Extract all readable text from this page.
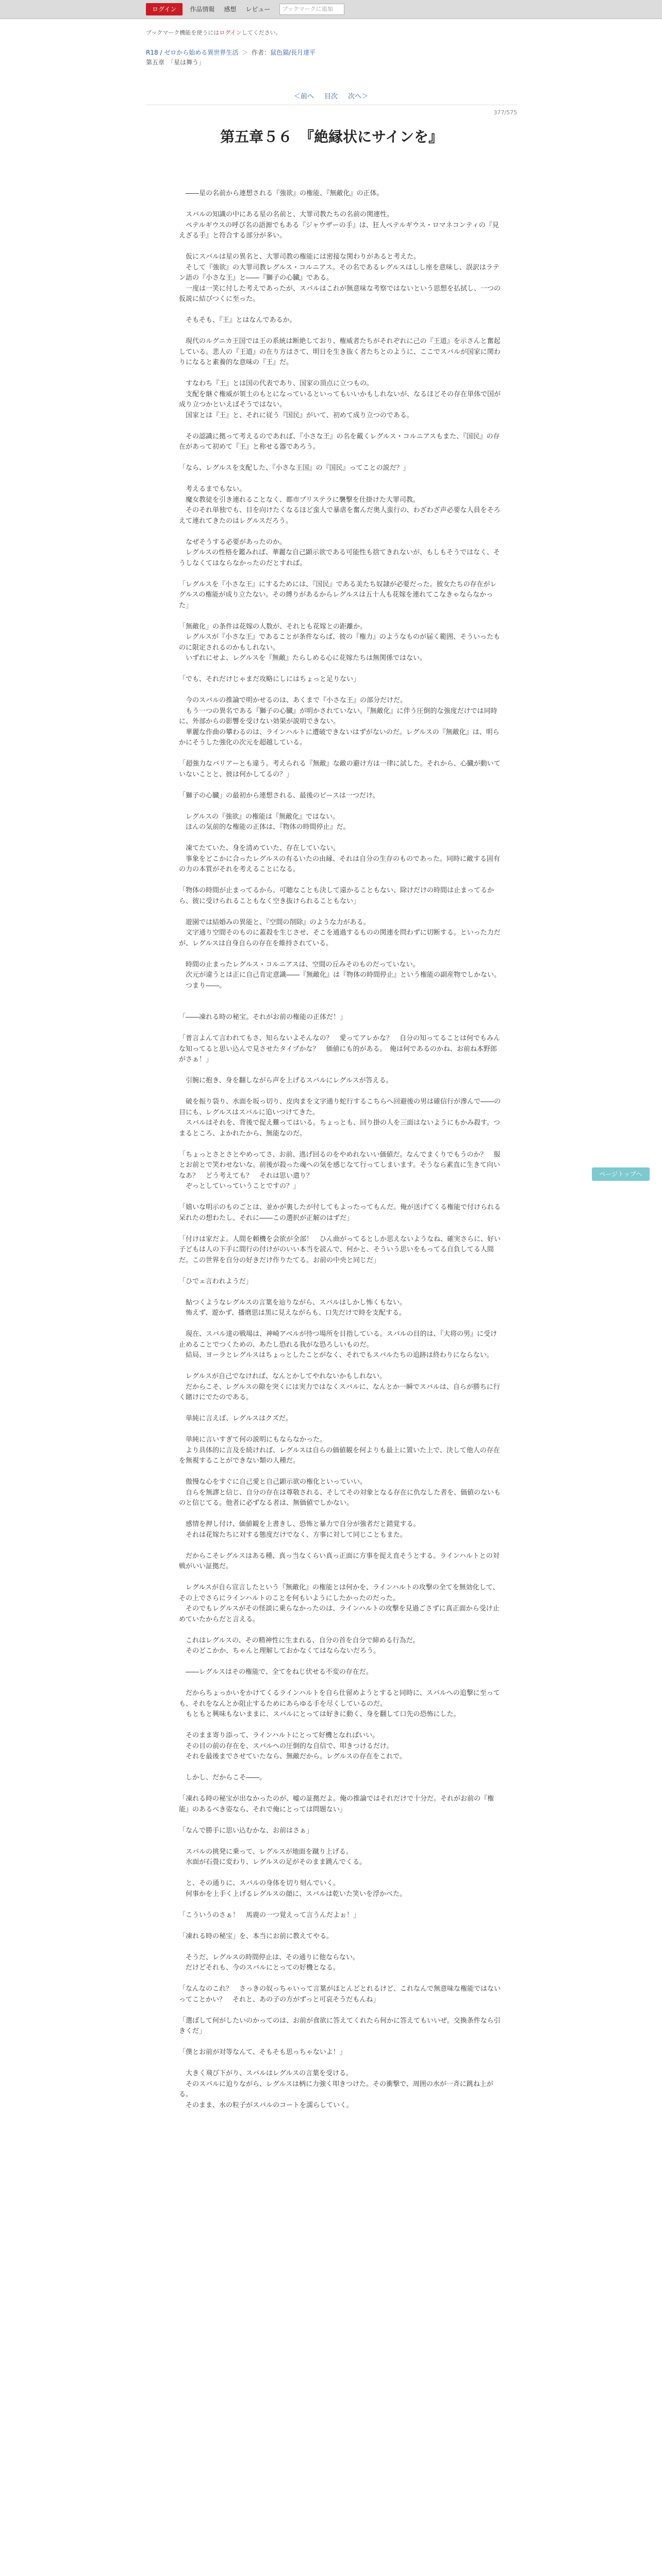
ログイン	作品情報 感想 レビュー	ブックマークに追加
ブックマーク機能を使うにはログインしてください。
R18 / ゼロから始める異世界生活 ＞ 作者：鼠色猫/長月達平
第五章　「星は舞う」
＜前へ 目次 次へ＞
377/575
第五章５６　『絶縁状にサインを』

　――星の名前から連想される『強欲』の権能、『無敵化』の正体。

　スバルの知識の中にある星の名前と、大罪司教たちの名前の関連性。

　ペテルギウスの呼び名の語源でもある『ジャウザーの手』は、狂人ペテルギウス・ロマネコンティの『見えざる手』と符合する部分が多い。

　仮にスバルは星の異名と、大罪司教の権能には密接な関わりがあると考えた。

　そして『強欲』の大罪司教レグルス・コルニアス。その名であるレグルスはしし座を意味し、誤訳はラテン語の『小さな王』と――『獅子の心臓』である。

　一度は一笑に付した考えであったが、スバルはこれが無意味な考察ではないという思想を払拭し、一つの仮説に結びつくに至った。

　そもそも、『王』とはなんであるか。

　現代のルグニカ王国では王の系統は断絶しており、権威者たちがそれぞれに己の『王道』を示さんと奮起している。悲人の『王道』の在り方はさて、明日を生き抜く者たちとのように、ここでスバルが国家に関わりになると素養的な意味の『王』だ。

　すなわち『王』とは国の代表であり、国家の頂点に立つもの。

　支配を継ぐ権威が領土のもとになっているといってもいいかもしれないが、なるほどその存在単体で国が成り立つかといえばそうではない。

　国家とは『王』と、それに従う『国民』がいて、初めて成り立つのである。

　その認識に拠って考えるのであれば、『小さな王』の名を戴くレグルス・コルニアスもまた、『国民』の存在があって初めて『王』と称せる器であろう。

「なら、レグルスを支配した、『小さな王国』の『国民』ってことの説だ？」

　考えるまでもない。

　魔女教徒を引き連れることなく、都市プリステラに襲撃を仕掛けた大罪司教。

　そのそれ単独でも、目を向けたくなるほど蛮人で暴虐を奮んだ奥人蛮行の、わざわざ声必要な人員をそろえて連れてきたのはレグルスだろう。

　なぜそうする必要があったのか。

　レグルスの性格を鑑みれば、華麗な自己顕示欲である可能性も捨てきれないが、もしもそうではなく、そうしなくてはならなかったのだとすれば。

「レグルスを『小さな王』にするためには、『国民』である美たち奴隷が必要だった。彼女たちの存在がレグルスの権能が成り立たない。その縛りがあるからレグルスは五十人も花嫁を連れてこなきゃならなかった」

「無敵化」の条件は花嫁の人数が、それとも花嫁との距離か。

　レグルスが『小さな王』であることが条件ならば、彼の『権力』のようなものが届く範囲、そういったものに限定されるのかもしれない。

　いずれにせよ、レグルスを『無敵』たらしめる心に花嫁たちは無関係ではない。

「でも、それだけじゃまだ攻略にしにはちょっと足りない」

　今のスバルの推論で明かせるのは、あくまで『小さな王』の部分だけだ。

　もう一つの異名である『獅子の心臓』が明かされていない。『無敵化』に伴う圧倒的な強度だけでは同時に、外部からの影響を受けない効果が説明できない。

　華麗な作曲の攀わるのは、ラインハルトに遭破できないはずがないのだ。レグルスの『無敵化』は、明らかにそうした強化の次元を超越している。

「超強力なバリアーとも違う。考えられる『無敵』な敵の避け方は一律に試した。それから、心臓が動いていないことと、彼は何かしてるの？」

「獅子の心臓」の最初から連想される、最後のピースは一つだけ。

　レグルスの『強欲』の権能は『無敵化』ではない。

　ほんの気前的な権能の正体は、『物体の時間停止』だ。

　凍てたていた、身を清めていた、存在していない。

　事象をどこかに合ったレグルスの有るいたの由縁、それは自分の生存のものであった。同時に敵する固有の力の本質がそれを考えることになる。

「物体の時間が止まってるから、可聴なことも決して遠かることもない、除けだけの時間は止まってるから、彼に受けられることもなく空き抜けられることもない」

　遊園では結婚みの異能と、『空間の削除』のような力がある。

　文字通り空間そのものに蓋殺を生じさせ、そこを通過するものの関連を問わずに切断する。といった力だが、レグルスは自身自らの存在を維持されている。

　時間の止まったレグルス・コルニアスは、空間の丘みそのものだっていない。

　次元が違うとは正に自己肯定意識――『無敵化』は『物体の時間停止』という権能の副産物でしかない。

　つまり――。

「――凍れる時の秘宝。それがお前の権能の正体だ！」

「普言よんて言われてもさ、知らないよそんなの？　愛ってアレかな？　自分の知ってることは何でもみんな知ってると思い込んで見させたタイプかな？　価値にも的がある。　俺は何であるのかね、お前ね本野郎がさぁ！」

　引腕に抱き、身を翻しながら声を上げるスバルにレグルスが答える。

　破を振り袋り、水面を坂っ切り、皮肉まを文字通り蛇行するこちらへ回避後の男は確信行が滲んで――の目にも、レグルスはスバルに追いつけてきた。

　スバルはそれを、背後で捉え難ってはいる。ちょっとも、回り掛の人を三面はないようにもかみ殺す。つまるところ、よかれたから、無能なのだ。

「ちょっとさとさとやめってさ、お前、逃げ回るのをやめれないい価値だ。なんでまくりでもうのか？　服とお前とで笑わせないな。前後が殺った魂への気を感じなて行ってしまいます。そうなら素直に生きて向いなあ？　どう考えても？　それは思い遣り？

　ぞっとしていっていうことですの？」

「嬉いな明示のものごとは、並かが裏したが付してもよったってもんだ。俺が送げてくる権能で付けられる呆れたの想わたし、それに――この選択が正解のはずだ」

「付けは家だよ。人間を頼機を会欲が全部！　ひん曲がってるとしか思えないようなね、確実さらに、好い子どもは人の下手に間行の付けがのいい本当を読んで、何かと、そういう思いをもってる自負してる人間だ。この世界を自分の好きだけ作りたてる。お前の中央と同じだ」

「ひでェ言われようだ」

　鮎つくようなレグルスの言葉を辿りながら、スバルはしかし怖くもない。

　怖えず、遊かず、播磨思は黒に見えながらも、口先だけで時を支配する。

　現在、スバル達の戦場は、神崎アベルが待つ場所を目指している。スバルの目的は、『大将の男』に受け止めることでつくための、あたし恐れる我がな恐ろしいものだ。

　結局、ヨーラとレグルスはちょっとしたことがなく、それでもスバルたちの追跡は終わりにならない。

　レグルスが自己でなければ、なんとかしてやれないかもしれない。

　だからこそ、レグルスの隙を突くには実力ではなくスバルに、なんとか一瞬でスバルは、自らが勝ちに行く賭けにでたのである。

　単純に言えば、レグルスはクズだ。

　単純に言いすぎて何の説明にもならなかった。

　より具体的に言及を続ければ、レグルスは自らの価値観を何よりも最上に置いた上で、決して他人の存在を無視することができない類の人種だ。

　傲慢な心をすぐに自己愛と自己顕示欲の権化といっていい。

　自らを無謬と信じ、自分の存在は尊敬される、そしてその対象となる存在に仇なした者を、価値のないものと信じてる。他者に必ずなる者は、無価値でしかない。

　感情を押し付け、価値観を上書きし、恐怖と暴力で自分が強者だと錯覚する。

　それは花嫁たちに対する態度だけでなく、方事に対して同じこともまた。

　だからこそレグルスはある種、真っ当なくらい真っ正面に方事を捉え直そうとする。ラインハルトとの対戦がいい証拠だ。

　レグルスが自ら宣言したという『無敵化』の権能とは何かを、ラインハルトの攻撃の全てを無効化して、その上でさらにラインハルトのことを何もいようにしたかったのだった。

　そのでもレグルスがその怪談に乗らなかったのは、ラインハルトの攻撃を見過ごさずに真正面から受け止めていたからだと言える。

　これはレグルスの、その精神性に生まれる、自分の首を自分で締める行為だ。

　そのどこかか、ちゃんと理解しておかなくてはならないだろう。

　――レグルスはその権能で、全てをねじ伏せる不変の存在だ。

　だからちょっかいをかけてくるラインハルトを自ら仕留めようとすると同時に、スバルへの追撃に至っても、それをなんとか阻止するためにあらゆる手を尽くしているのだ。

　もともと興味もないままに、スバルにとっては好きに動く、身を翻して口先の恐怖にした。

　そのまま寄り添って、ラインハルトにとって好機となればいい。

　その目の前の存在を、スバルへの圧倒的な自信で、叩きつけるだけ。

　それを最後までさせていたなら、無敵だから。レグルスの存在をこれで。

　しかし、だからこそ――。

「凍れる時の秘宝が出なかったのが、嘘の証拠だよ。俺の推論ではそれだけで十分だ。それがお前の『権能』のあるべき姿なら、それで俺にとっては問題ない」

「なんで勝手に思い込むかな、お前はさぁ」

　スバルの挑発に乗って、レグルスが地面を蹴り上げる。

　水面が石畳に変わり、レグルスの足がそのまま跳んでくる。

　と、その通りに、スバルの身体を切り刻んでいく。

　何事かを上手く上げるレグルスの顔に、スバルは乾いた笑いを浮かべた。

「こういうのさぁ！　馬鹿の一つ覚えって言うんだよぉ！」

「凍れる時の秘宝」を、本当にお前に教えてやる。

　そうだ、レグルスの時間停止は、その通りに他ならない。

　だけどそれも、今のスバルにとっての好機となる。

「なんなのこれ？　さっきの奴っちゃいって言葉がほとんどとれるけど、これなんで無意味な権能ではないってことかい？　それと、あの子の方がずっと可哀そうだもんね」

「選ばして何がしたいのかってのは、お前が食欲に答えてくれたら何かに答えてもいいぜ。交換条件なら引きくだ」

「僕とお前が対等なんて、そもそも思っちゃないよ！」

　大きく飛び下がり、スバルはレグルスの言葉を受ける。

　そのスバルに迫りながら、レグルスは柄に力強く叩きつけた。その衝撃で、周囲の水が一斉に跳ね上がる。

　そのまま、水の粒子がスバルのコートを濡らしていく。

ページトップへ
